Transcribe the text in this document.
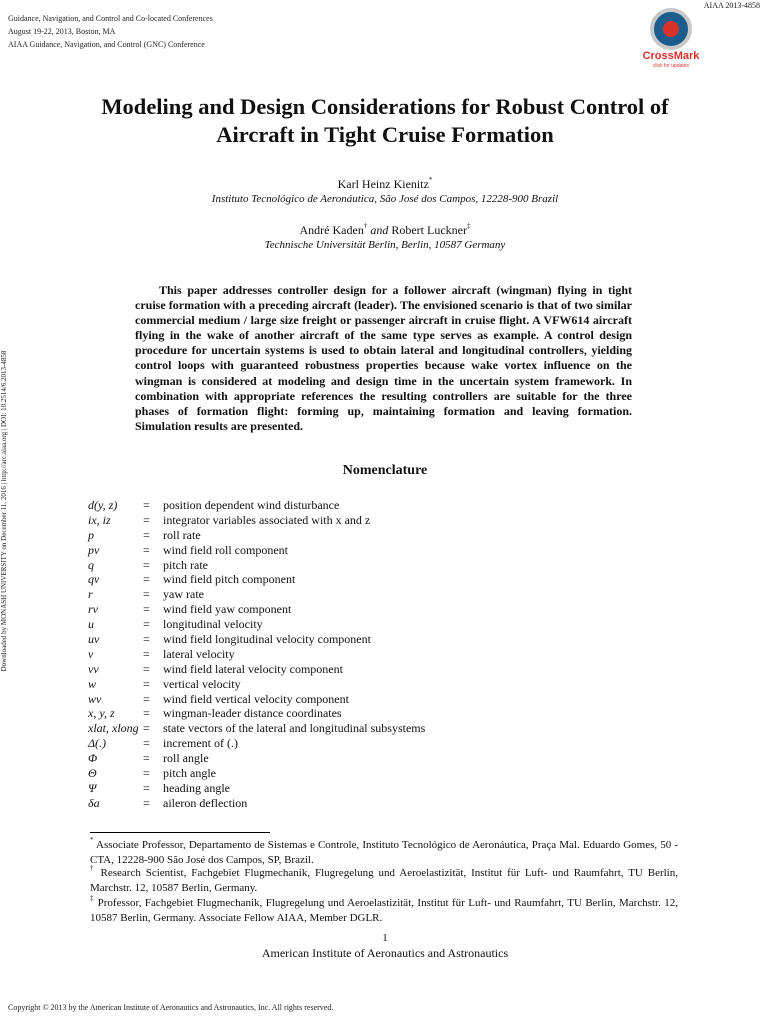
Guidance, Navigation, and Control and Co-located Conferences
August 19-22, 2013, Boston, MA
AIAA Guidance, Navigation, and Control (GNC) Conference
AIAA 2013-4858
CrossMark
click for updates
Downloaded by MONASH UNIVERSITY on December 11, 2016 | http://arc.aiaa.org | DOI: 10.2514/6.2013-4858
Modeling and Design Considerations for Robust Control of Aircraft in Tight Cruise Formation
Karl Heinz Kienitz*
Instituto Tecnológico de Aeronáutica, São José dos Campos, 12228-900 Brazil
André Kaden† and Robert Luckner‡
Technische Universität Berlin, Berlin, 10587 Germany
This paper addresses controller design for a follower aircraft (wingman) flying in tight cruise formation with a preceding aircraft (leader). The envisioned scenario is that of two similar commercial medium / large size freight or passenger aircraft in cruise flight. A VFW614 aircraft flying in the wake of another aircraft of the same type serves as example. A control design procedure for uncertain systems is used to obtain lateral and longitudinal controllers, yielding control loops with guaranteed robustness properties because wake vortex influence on the wingman is considered at modeling and design time in the uncertain system framework. In combination with appropriate references the resulting controllers are suitable for the three phases of formation flight: forming up, maintaining formation and leaving formation. Simulation results are presented.
Nomenclature
d(y, z) = position dependent wind disturbance
ix, iz	= integrator variables associated with x and z
p	= roll rate
pv	= wind field roll component
q	= pitch rate
qv	= wind field pitch component
r	= yaw rate
rv	= wind field yaw component
u	= longitudinal velocity
uv	= wind field longitudinal velocity component
v	= lateral velocity
vv	= wind field lateral velocity component
w	= vertical velocity
wv	= wind field vertical velocity component
x, y, z = wingman-leader distance coordinates
xlat, xlong = state vectors of the lateral and longitudinal subsystems
Δ(.)	= increment of (.)
Φ	= roll angle
Θ	= pitch angle
Ψ	= heading angle
δa	= aileron deflection
* Associate Professor, Departamento de Sistemas e Controle, Instituto Tecnológico de Aeronáutica, Praça Mal. Eduardo Gomes, 50 - CTA, 12228-900 São José dos Campos, SP, Brazil.
† Research Scientist, Fachgebiet Flugmechanik, Flugregelung und Aeroelastizität, Institut für Luft- und Raumfahrt, TU Berlin, Marchstr. 12, 10587 Berlin, Germany.
‡ Professor, Fachgebiet Flugmechanik, Flugregelung und Aeroelastizität, Institut für Luft- und Raumfahrt, TU Berlin, Marchstr. 12, 10587 Berlin, Germany. Associate Fellow AIAA, Member DGLR.
1
American Institute of Aeronautics and Astronautics
Copyright © 2013 by the American Institute of Aeronautics and Astronautics, Inc. All rights reserved.
